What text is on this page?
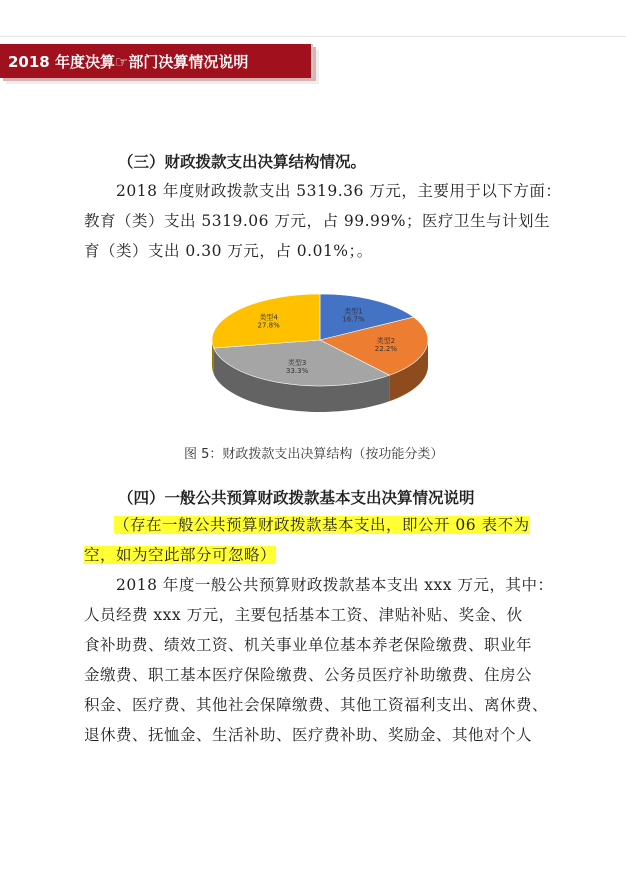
2018 年度决算☞部门决算情况说明
（三）财政拨款支出决算结构情况。
2018 年度财政拨款支出 5319.36 万元，主要用于以下方面：
教育（类）支出 5319.06 万元，占 99.99%；医疗卫生与计划生
育（类）支出 0.30 万元，占 0.01%；。
类型1
16.7%
类型2
22.2%
类型3
33.3%
类型4
27.8%
图 5：财政拨款支出决算结构（按功能分类）
（四）一般公共预算财政拨款基本支出决算情况说明
（存在一般公共预算财政拨款基本支出，即公开 06 表不为
空，如为空此部分可忽略）
2018 年度一般公共预算财政拨款基本支出 xxx 万元，其中：
人员经费 xxx 万元，主要包括基本工资、津贴补贴、奖金、伙
食补助费、绩效工资、机关事业单位基本养老保险缴费、职业年
金缴费、职工基本医疗保险缴费、公务员医疗补助缴费、住房公
积金、医疗费、其他社会保障缴费、其他工资福利支出、离休费、
退休费、抚恤金、生活补助、医疗费补助、奖励金、其他对个人
